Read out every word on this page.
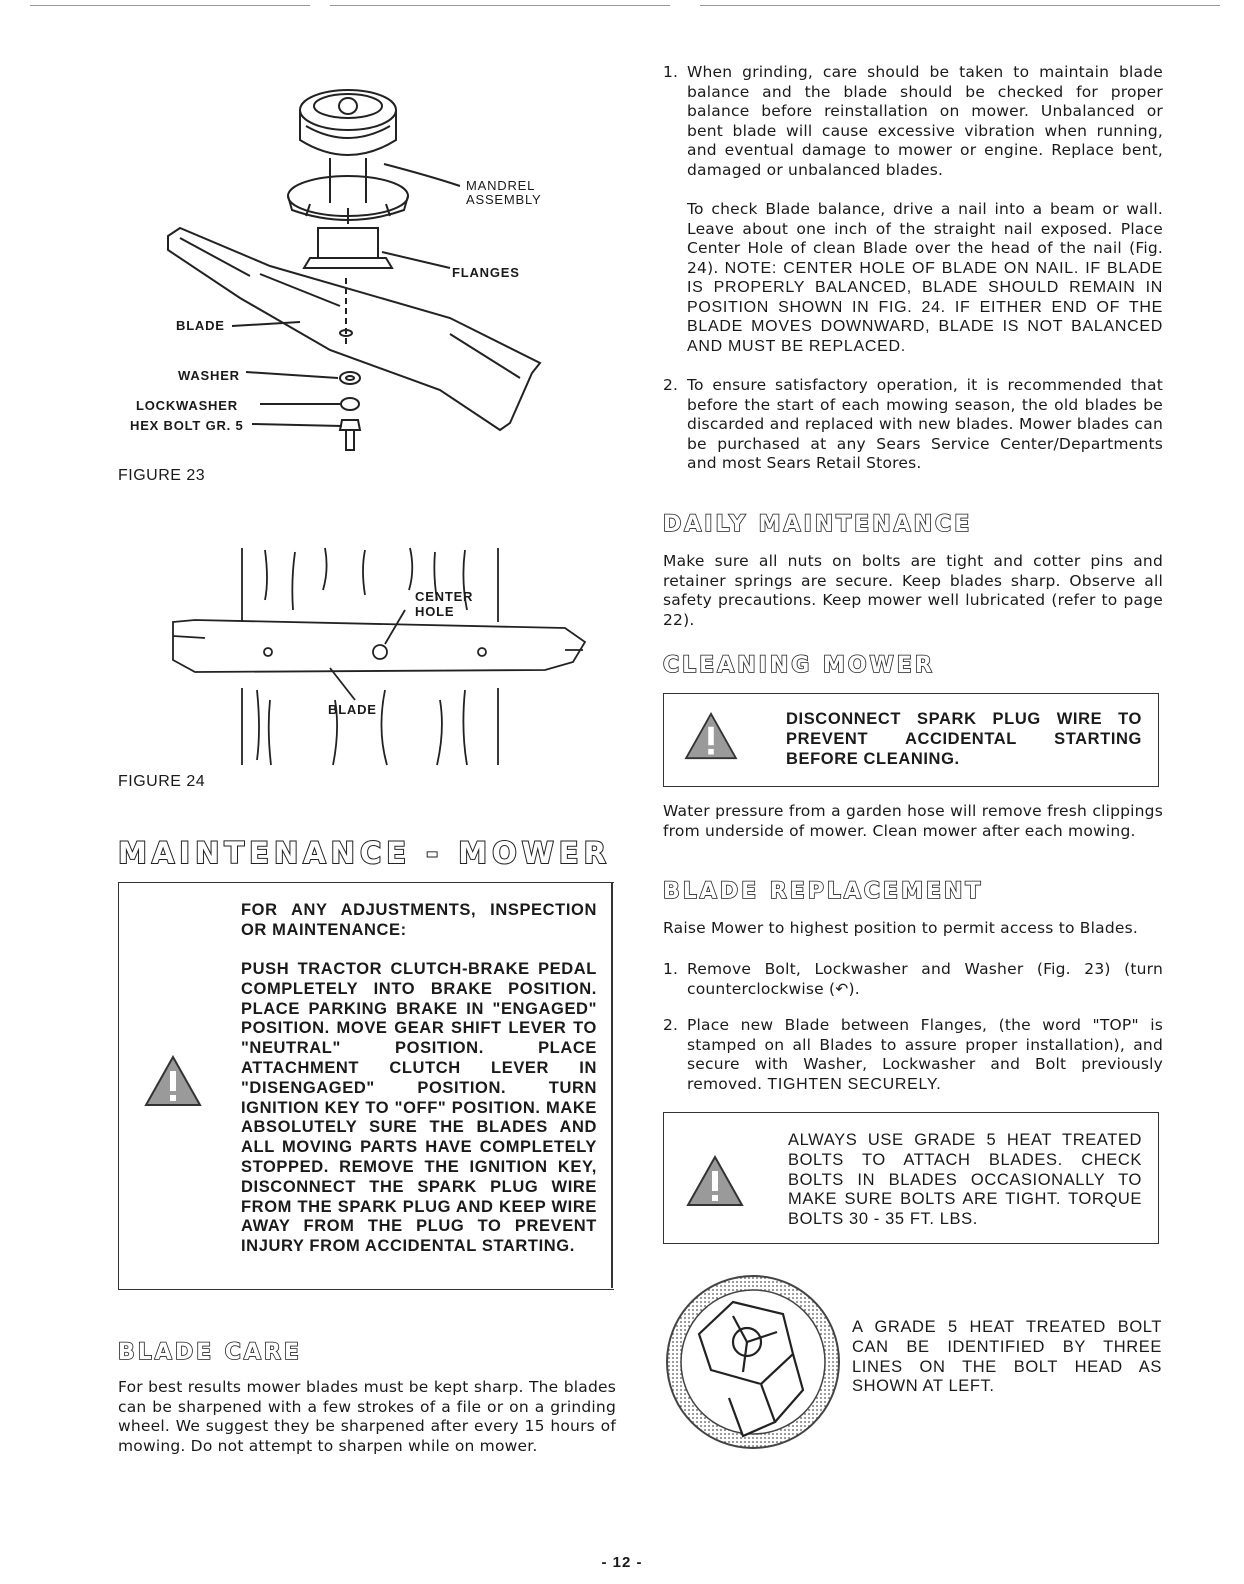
MANDREL
ASSEMBLY
FLANGES
BLADE
WASHER
LOCKWASHER
HEX BOLT GR. 5
FIGURE 23
CENTER
HOLE
BLADE
FIGURE 24
MAINTENANCE - MOWER
FOR ANY ADJUSTMENTS, INSPECTION OR MAINTENANCE:
PUSH TRACTOR CLUTCH-BRAKE PEDAL COMPLETELY INTO BRAKE POSITION. PLACE PARKING BRAKE IN "ENGAGED" POSITION. MOVE GEAR SHIFT LEVER TO "NEUTRAL" POSITION. PLACE ATTACHMENT CLUTCH LEVER IN "DISENGAGED" POSITION. TURN IGNITION KEY TO "OFF" POSITION. MAKE ABSOLUTELY SURE THE BLADES AND ALL MOVING PARTS HAVE COMPLETELY STOPPED. REMOVE THE IGNITION KEY, DISCONNECT THE SPARK PLUG WIRE FROM THE SPARK PLUG AND KEEP WIRE AWAY FROM THE PLUG TO PREVENT INJURY FROM ACCIDENTAL STARTING.
BLADE CARE
For best results mower blades must be kept sharp. The blades can be sharpened with a few strokes of a file or on a grinding wheel. We suggest they be sharpened after every 15 hours of mowing. Do not attempt to sharpen while on mower.
1. When grinding, care should be taken to maintain blade balance and the blade should be checked for proper balance before reinstallation on mower. Unbalanced or bent blade will cause excessive vibration when running, and eventual damage to mower or engine. Replace bent, damaged or unbalanced blades.
To check Blade balance, drive a nail into a beam or wall. Leave about one inch of the straight nail exposed. Place Center Hole of clean Blade over the head of the nail (Fig. 24). NOTE: CENTER HOLE OF BLADE ON NAIL. IF BLADE IS PROPERLY BALANCED, BLADE SHOULD REMAIN IN POSITION SHOWN IN FIG. 24. IF EITHER END OF THE BLADE MOVES DOWNWARD, BLADE IS NOT BALANCED AND MUST BE REPLACED.
2. To ensure satisfactory operation, it is recommended that before the start of each mowing season, the old blades be discarded and replaced with new blades. Mower blades can be purchased at any Sears Service Center/Departments and most Sears Retail Stores.
DAILY MAINTENANCE
Make sure all nuts on bolts are tight and cotter pins and retainer springs are secure. Keep blades sharp. Observe all safety precautions. Keep mower well lubricated (refer to page 22).
CLEANING MOWER
DISCONNECT SPARK PLUG WIRE TO PREVENT ACCIDENTAL STARTING BEFORE CLEANING.
Water pressure from a garden hose will remove fresh clippings from underside of mower. Clean mower after each mowing.
BLADE REPLACEMENT
Raise Mower to highest position to permit access to Blades.
1. Remove Bolt, Lockwasher and Washer (Fig. 23) (turn counterclockwise (↶).
2. Place new Blade between Flanges, (the word "TOP" is stamped on all Blades to assure proper installation), and secure with Washer, Lockwasher and Bolt previously removed. TIGHTEN SECURELY.
ALWAYS USE GRADE 5 HEAT TREATED BOLTS TO ATTACH BLADES. CHECK BOLTS IN BLADES OCCASIONALLY TO MAKE SURE BOLTS ARE TIGHT. TORQUE BOLTS 30 - 35 FT. LBS.
A GRADE 5 HEAT TREATED BOLT CAN BE IDENTIFIED BY THREE LINES ON THE BOLT HEAD AS SHOWN AT LEFT.
- 12 -
